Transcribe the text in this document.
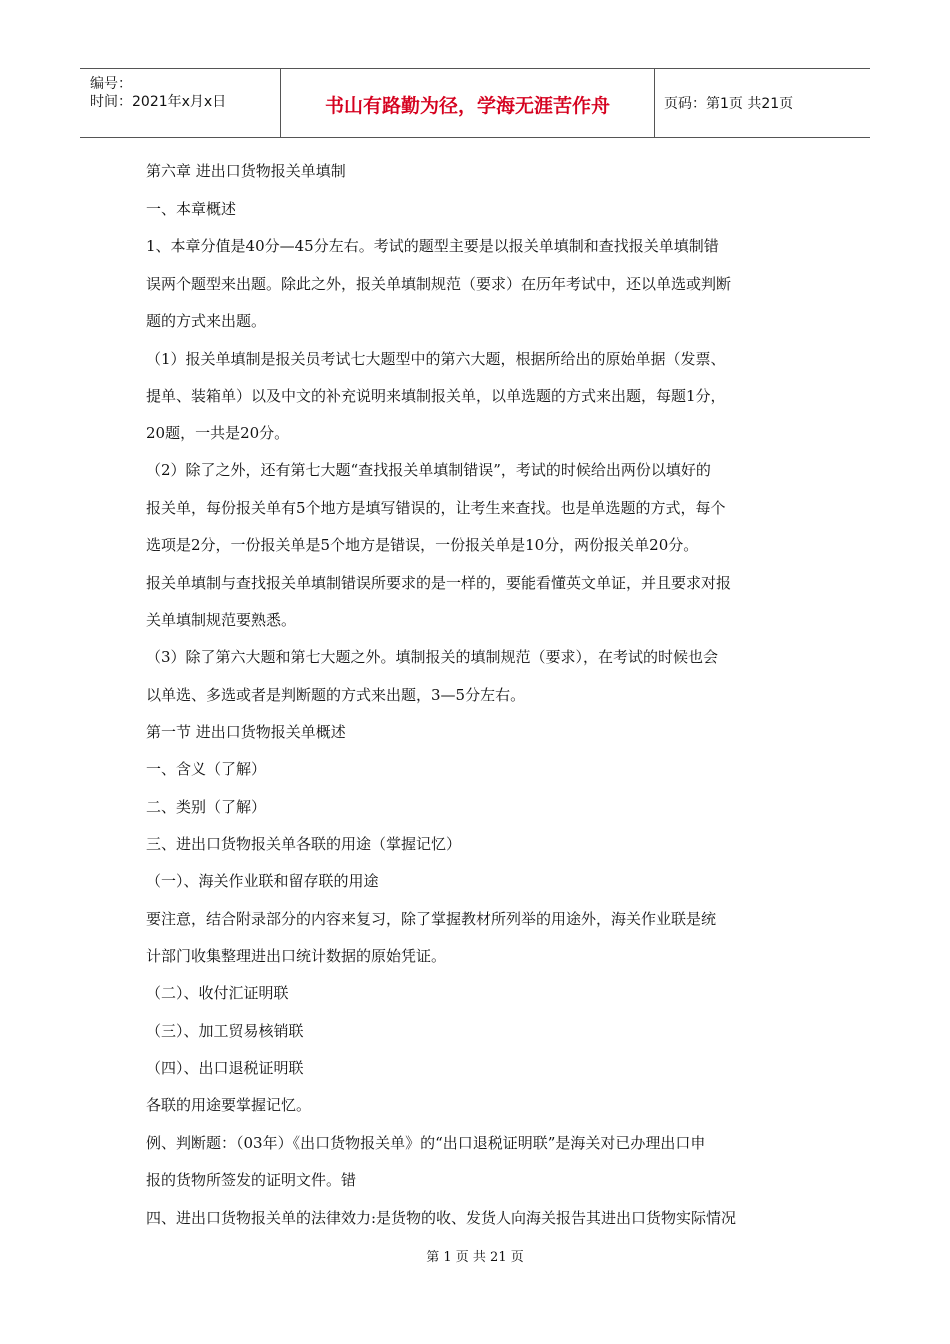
编号：
时间：2021年x月x日	书山有路勤为径，学海无涯苦作舟	页码：第1页 共21页
第六章 进出口货物报关单填制
一、本章概述
1、本章分值是40分—45分左右。考试的题型主要是以报关单填制和查找报关单填制错
误两个题型来出题。除此之外，报关单填制规范（要求）在历年考试中，还以单选或判断
题的方式来出题。
（1）报关单填制是报关员考试七大题型中的第六大题，根据所给出的原始单据（发票、
提单、装箱单）以及中文的补充说明来填制报关单，以单选题的方式来出题，每题1分，
20题，一共是20分。
（2）除了之外，还有第七大题“查找报关单填制错误”，考试的时候给出两份以填好的
报关单，每份报关单有5个地方是填写错误的，让考生来查找。也是单选题的方式，每个
选项是2分，一份报关单是5个地方是错误，一份报关单是10分，两份报关单20分。
报关单填制与查找报关单填制错误所要求的是一样的，要能看懂英文单证，并且要求对报
关单填制规范要熟悉。
（3）除了第六大题和第七大题之外。填制报关的填制规范（要求），在考试的时候也会
以单选、多选或者是判断题的方式来出题，3—5分左右。
第一节 进出口货物报关单概述
一、含义（了解）
二、类别（了解）
三、进出口货物报关单各联的用途（掌握记忆）
（一）、海关作业联和留存联的用途
要注意，结合附录部分的内容来复习，除了掌握教材所列举的用途外，海关作业联是统
计部门收集整理进出口统计数据的原始凭证。
（二）、收付汇证明联
（三）、加工贸易核销联
（四）、出口退税证明联
各联的用途要掌握记忆。
例、判断题：（03年）《出口货物报关单》的“出口退税证明联”是海关对已办理出口申
报的货物所签发的证明文件。错
四、进出口货物报关单的法律效力:是货物的收、发货人向海关报告其进出口货物实际情况
第 1 页 共 21 页
